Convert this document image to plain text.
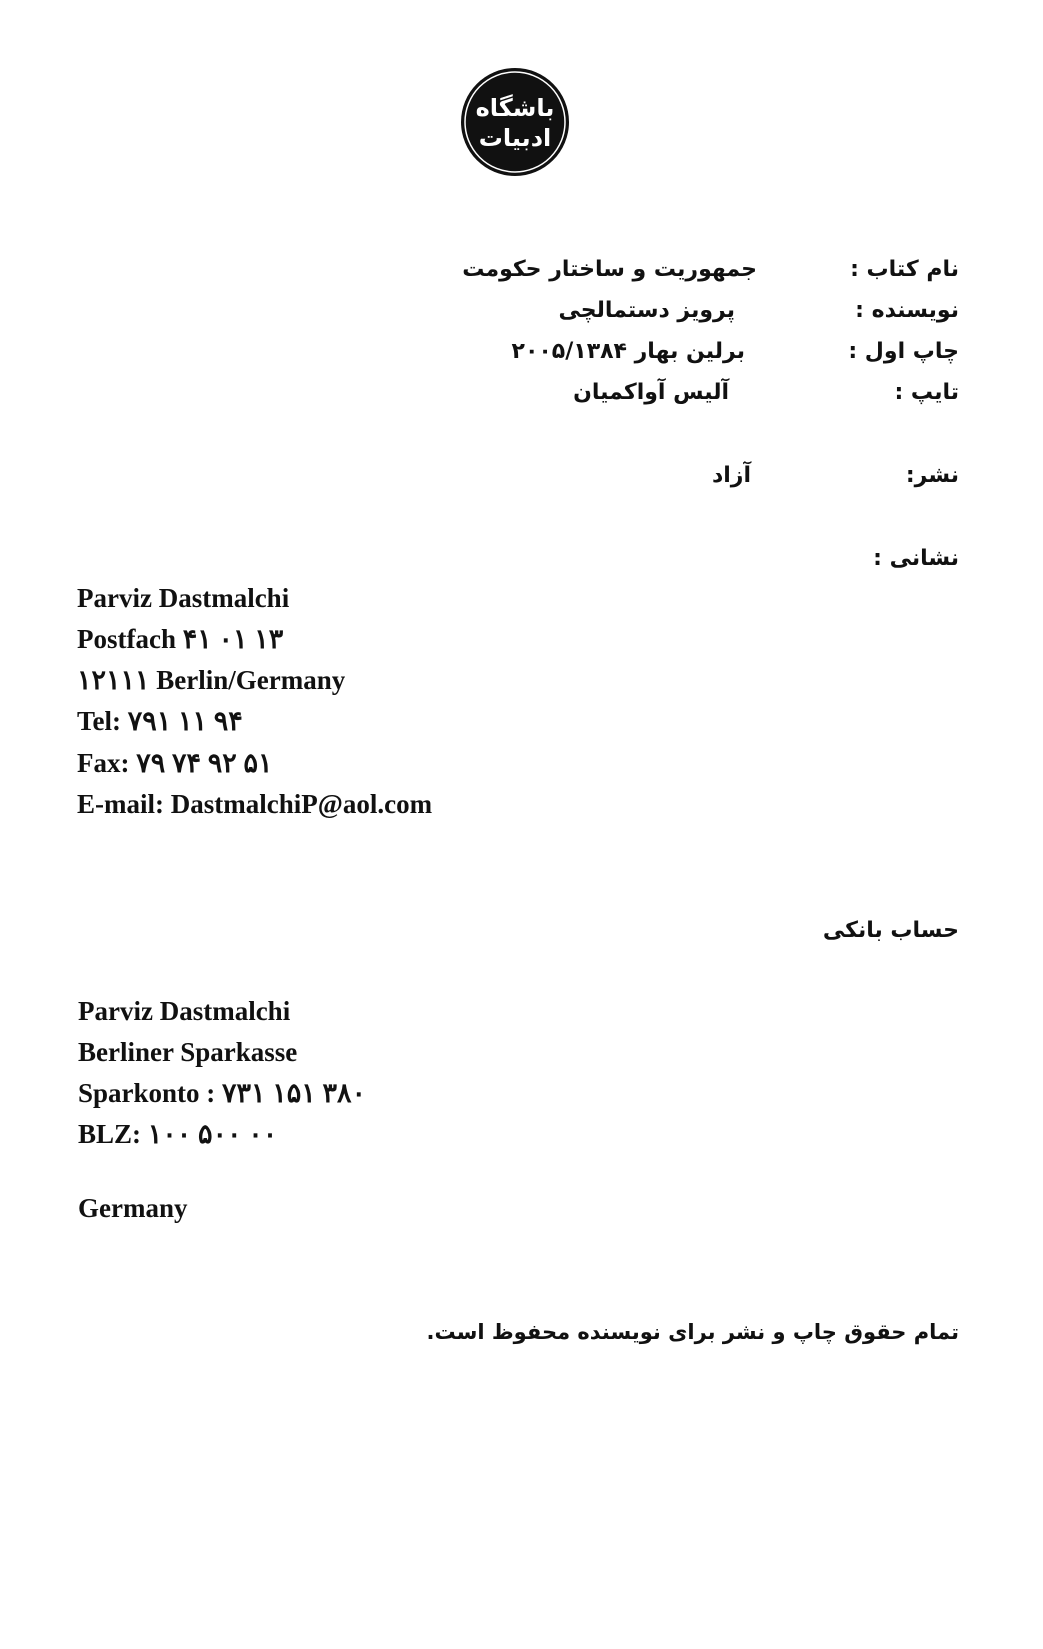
باشگاه
ادبیات
نام کتاب :
جمهوریت و ساختار حکومت
نویسنده :
پرویز دستمالچی
چاپ اول :
برلین بهار ۲۰۰۵/۱۳۸۴
تایپ :
آلیس آواکمیان
نشر:
آزاد
نشانی :
Parviz Dastmalchi
Postfach ۴۱ ۰۱ ۱۳
۱۲۱۱۱ Berlin/Germany
Tel: ۷۹۱ ۱۱ ۹۴
Fax: ۷۹ ۷۴ ۹۲ ۵۱
E-mail: DastmalchiP@aol.com
حساب بانکی
Parviz Dastmalchi
Berliner Sparkasse
Sparkonto : ۷۳۱ ۱۵۱ ۳۸۰
BLZ: ۱۰۰ ۵۰۰ ۰۰
Germany
تمام حقوق چاپ و نشر برای نویسنده محفوظ است.
